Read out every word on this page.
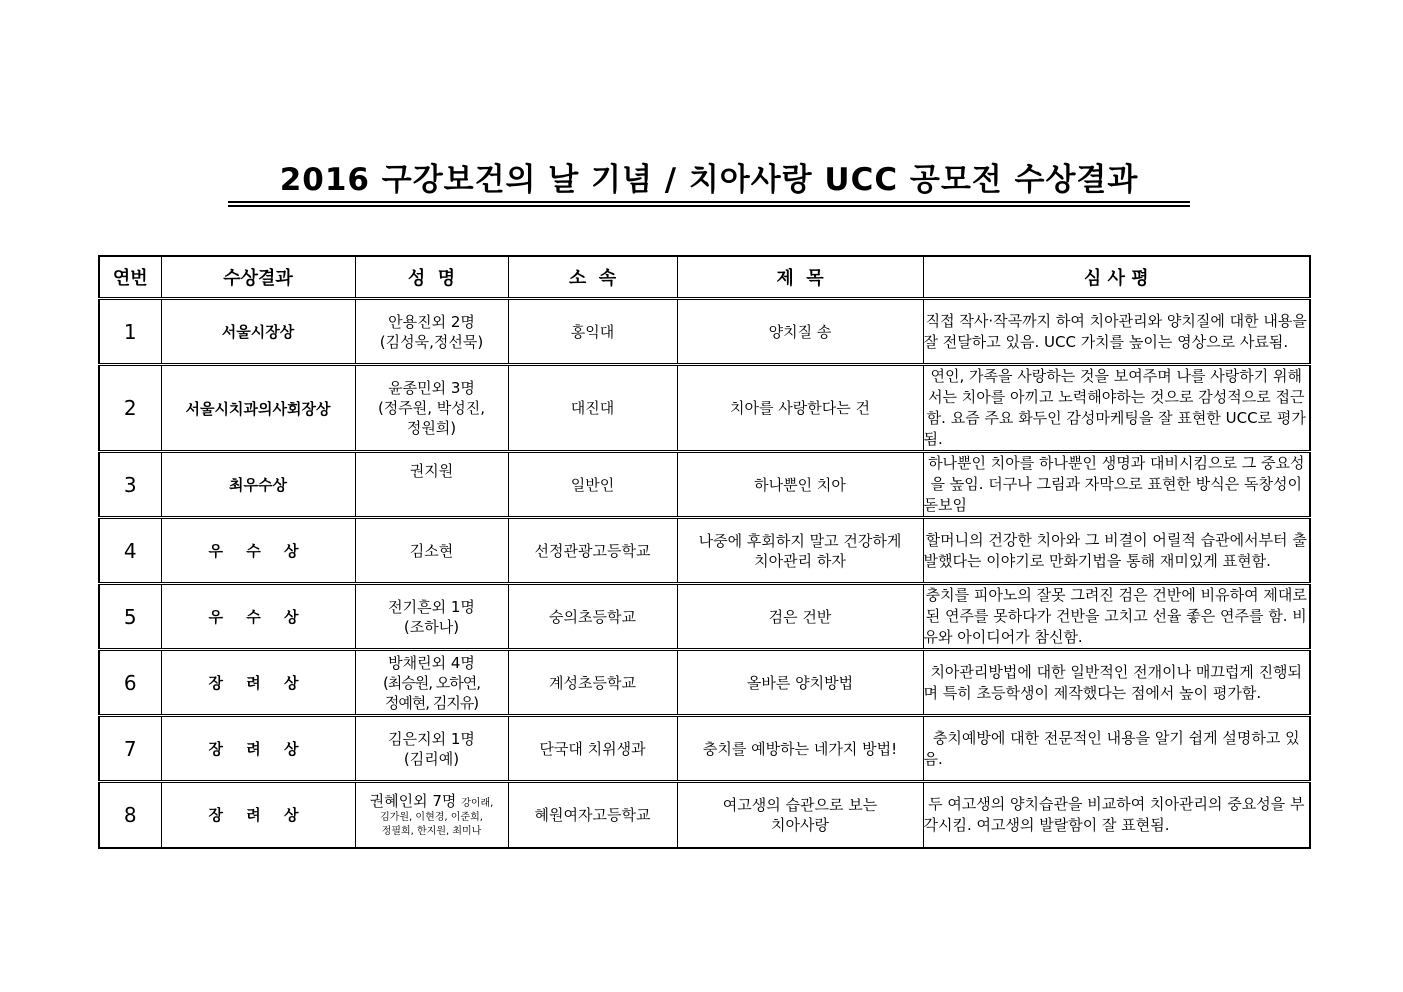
2016 구강보건의 날 기념 / 치아사랑 UCC 공모전 수상결과
연번	수상결과	성  명	소  속	제  목	심 사 평
1	서울시장상	안용진외 2명
(김성욱,정선묵)	홍익대	양치질 송	직접 작사·작곡까지 하여 치아관리와 양치질에 대한 내용을 잘 전달하고 있음. UCC 가치를 높이는 영상으로 사료됨.
2	서울시치과의사회장상	윤종민외 3명
(정주원, 박성진,
정원희)	대진대	치아를 사랑한다는 건	연인, 가족을 사랑하는 것을 보여주며 나를 사랑하기 위해서는 치아를 아끼고 노력해야하는 것으로 감성적으로 접근함. 요즘 주요 화두인 감성마케팅을 잘 표현한 UCC로 평가됨.
3	최우수상	권지원	일반인	하나뿐인 치아	하나뿐인 치아를 하나뿐인 생명과 대비시킴으로 그 중요성을 높임. 더구나 그림과 자막으로 표현한 방식은 독창성이 돋보임
4	우 수 상	김소현	선정관광고등학교	나중에 후회하지 말고 건강하게
치아관리 하자	할머니의 건강한 치아와 그 비결이 어릴적 습관에서부터 출발했다는 이야기로 만화기법을 통해 재미있게 표현함.
5	우 수 상	전기흔외 1명
(조하나)	숭의초등학교	검은 건반	충치를 피아노의 잘못 그려진 검은 건반에 비유하여 제대로 된 연주를 못하다가 건반을 고치고 선율 좋은 연주를 함. 비유와 아이디어가 참신함.
6	장 려 상	방채린외 4명
(최승원, 오하연,
정예현, 김지유)	계성초등학교	올바른 양치방법	치아관리방법에 대한 일반적인 전개이나 매끄럽게 진행되며 특히 초등학생이 제작했다는 점에서 높이 평가함.
7	장 려 상	김은지외 1명
(김리예)	단국대 치위생과	충치를 예방하는 네가지 방법!	충치예방에 대한 전문적인 내용을 알기 쉽게 설명하고 있음.
8	장 려 상	권혜인외 7명 강이래,
김가원, 이현경, 이준희,
정필희, 한지원, 최미나	혜원여자고등학교	여고생의 습관으로 보는
치아사랑	두 여고생의 양치습관을 비교하여 치아관리의 중요성을 부각시킴. 여고생의 발랄함이 잘 표현됨.
